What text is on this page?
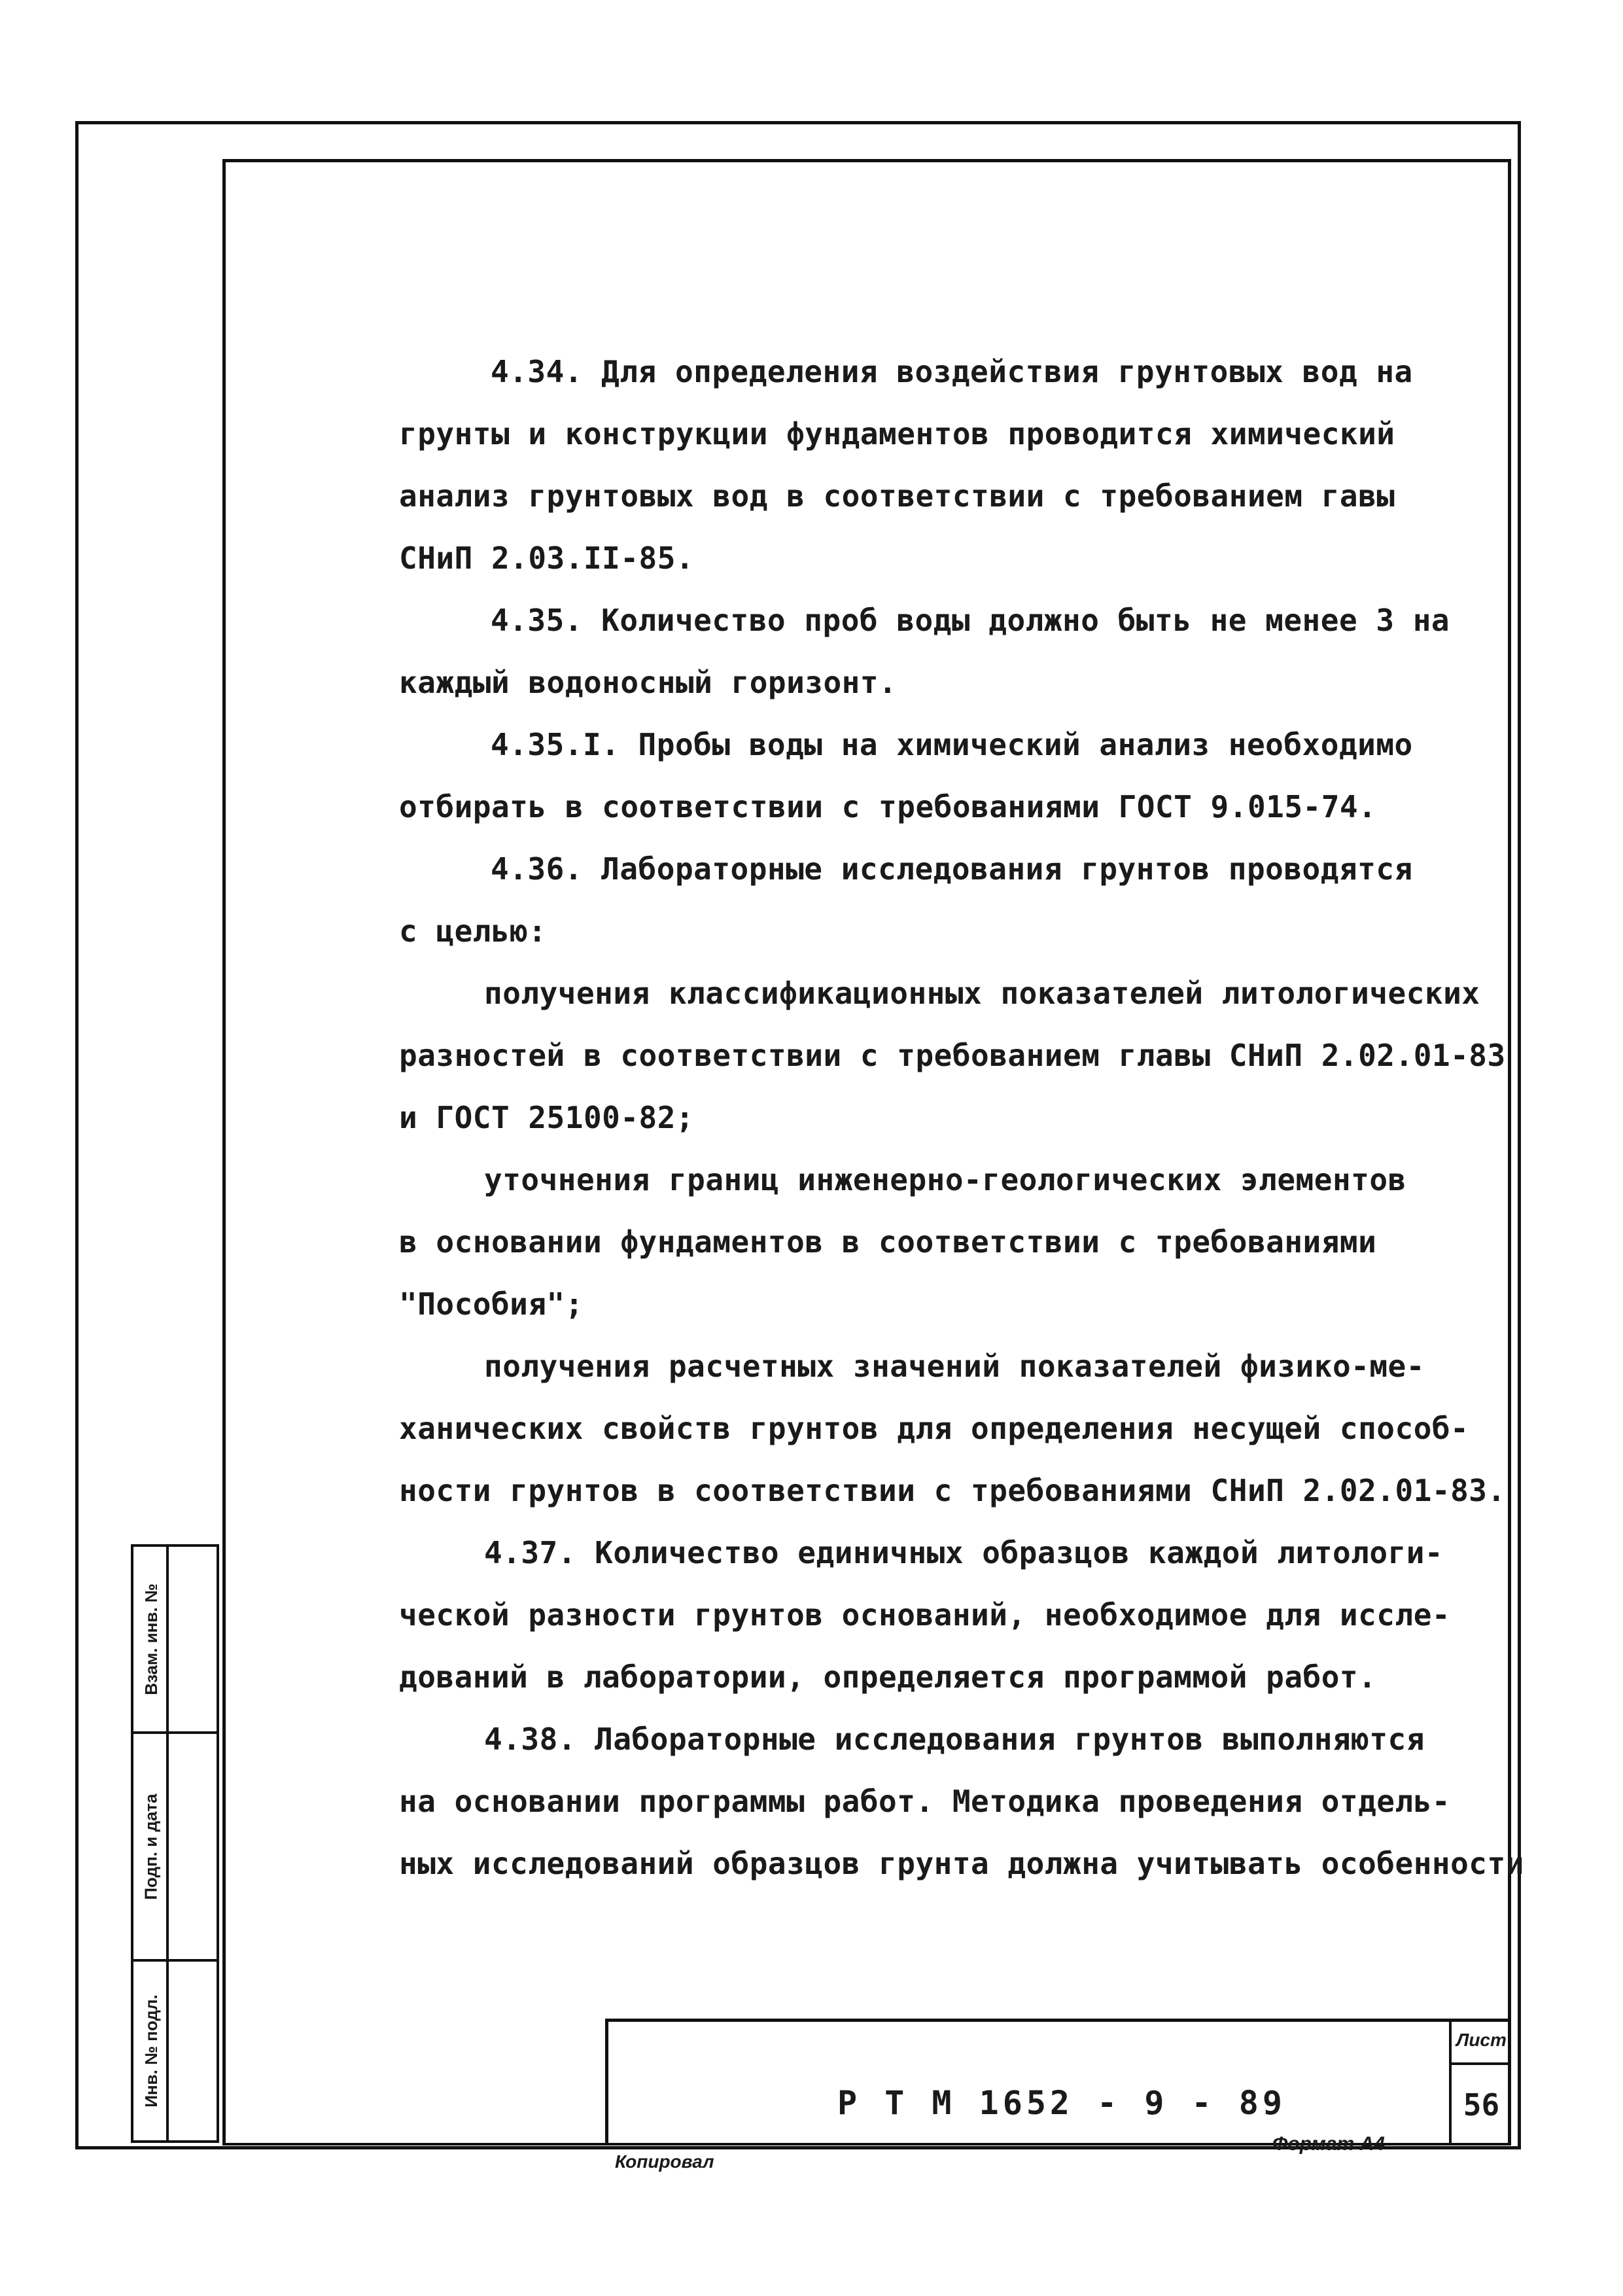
4.34. Для определения воздействия грунтовых вод на
грунты и конструкции фундаментов проводится химический
анализ грунтовых вод в соответствии с требованием гавы
СНиП 2.03.II-85.
4.35. Количество проб воды должно быть не менее 3 на
каждый водоносный горизонт.
4.35.I. Пробы воды на химический анализ необходимо
отбирать в соответствии с требованиями ГОСТ 9.015-74.
4.36. Лабораторные исследования грунтов проводятся
с целью:
получения классификационных показателей литологических
разностей в соответствии с требованием главы СНиП 2.02.01-83
и ГОСТ 25100-82;
уточнения границ инженерно-геологических элементов
в основании фундаментов в соответствии с требованиями
"Пособия";
получения расчетных значений показателей физико-ме-
ханических свойств грунтов для определения несущей способ-
ности грунтов в соответствии с требованиями СНиП 2.02.01-83.
4.37. Количество единичных образцов каждой литологи-
ческой разности грунтов оснований, необходимое для иссле-
дований в лаборатории, определяется программой работ.
4.38. Лабораторные исследования грунтов выполняются
на основании программы работ. Методика проведения отдель-
ных исследований образцов грунта должна учитывать особенности
Взам. инв. №
Подп. и дата
Инв. № подл.	Р Т М 1652 - 9 - 89
Лист
56
Копировал
Формат А4
